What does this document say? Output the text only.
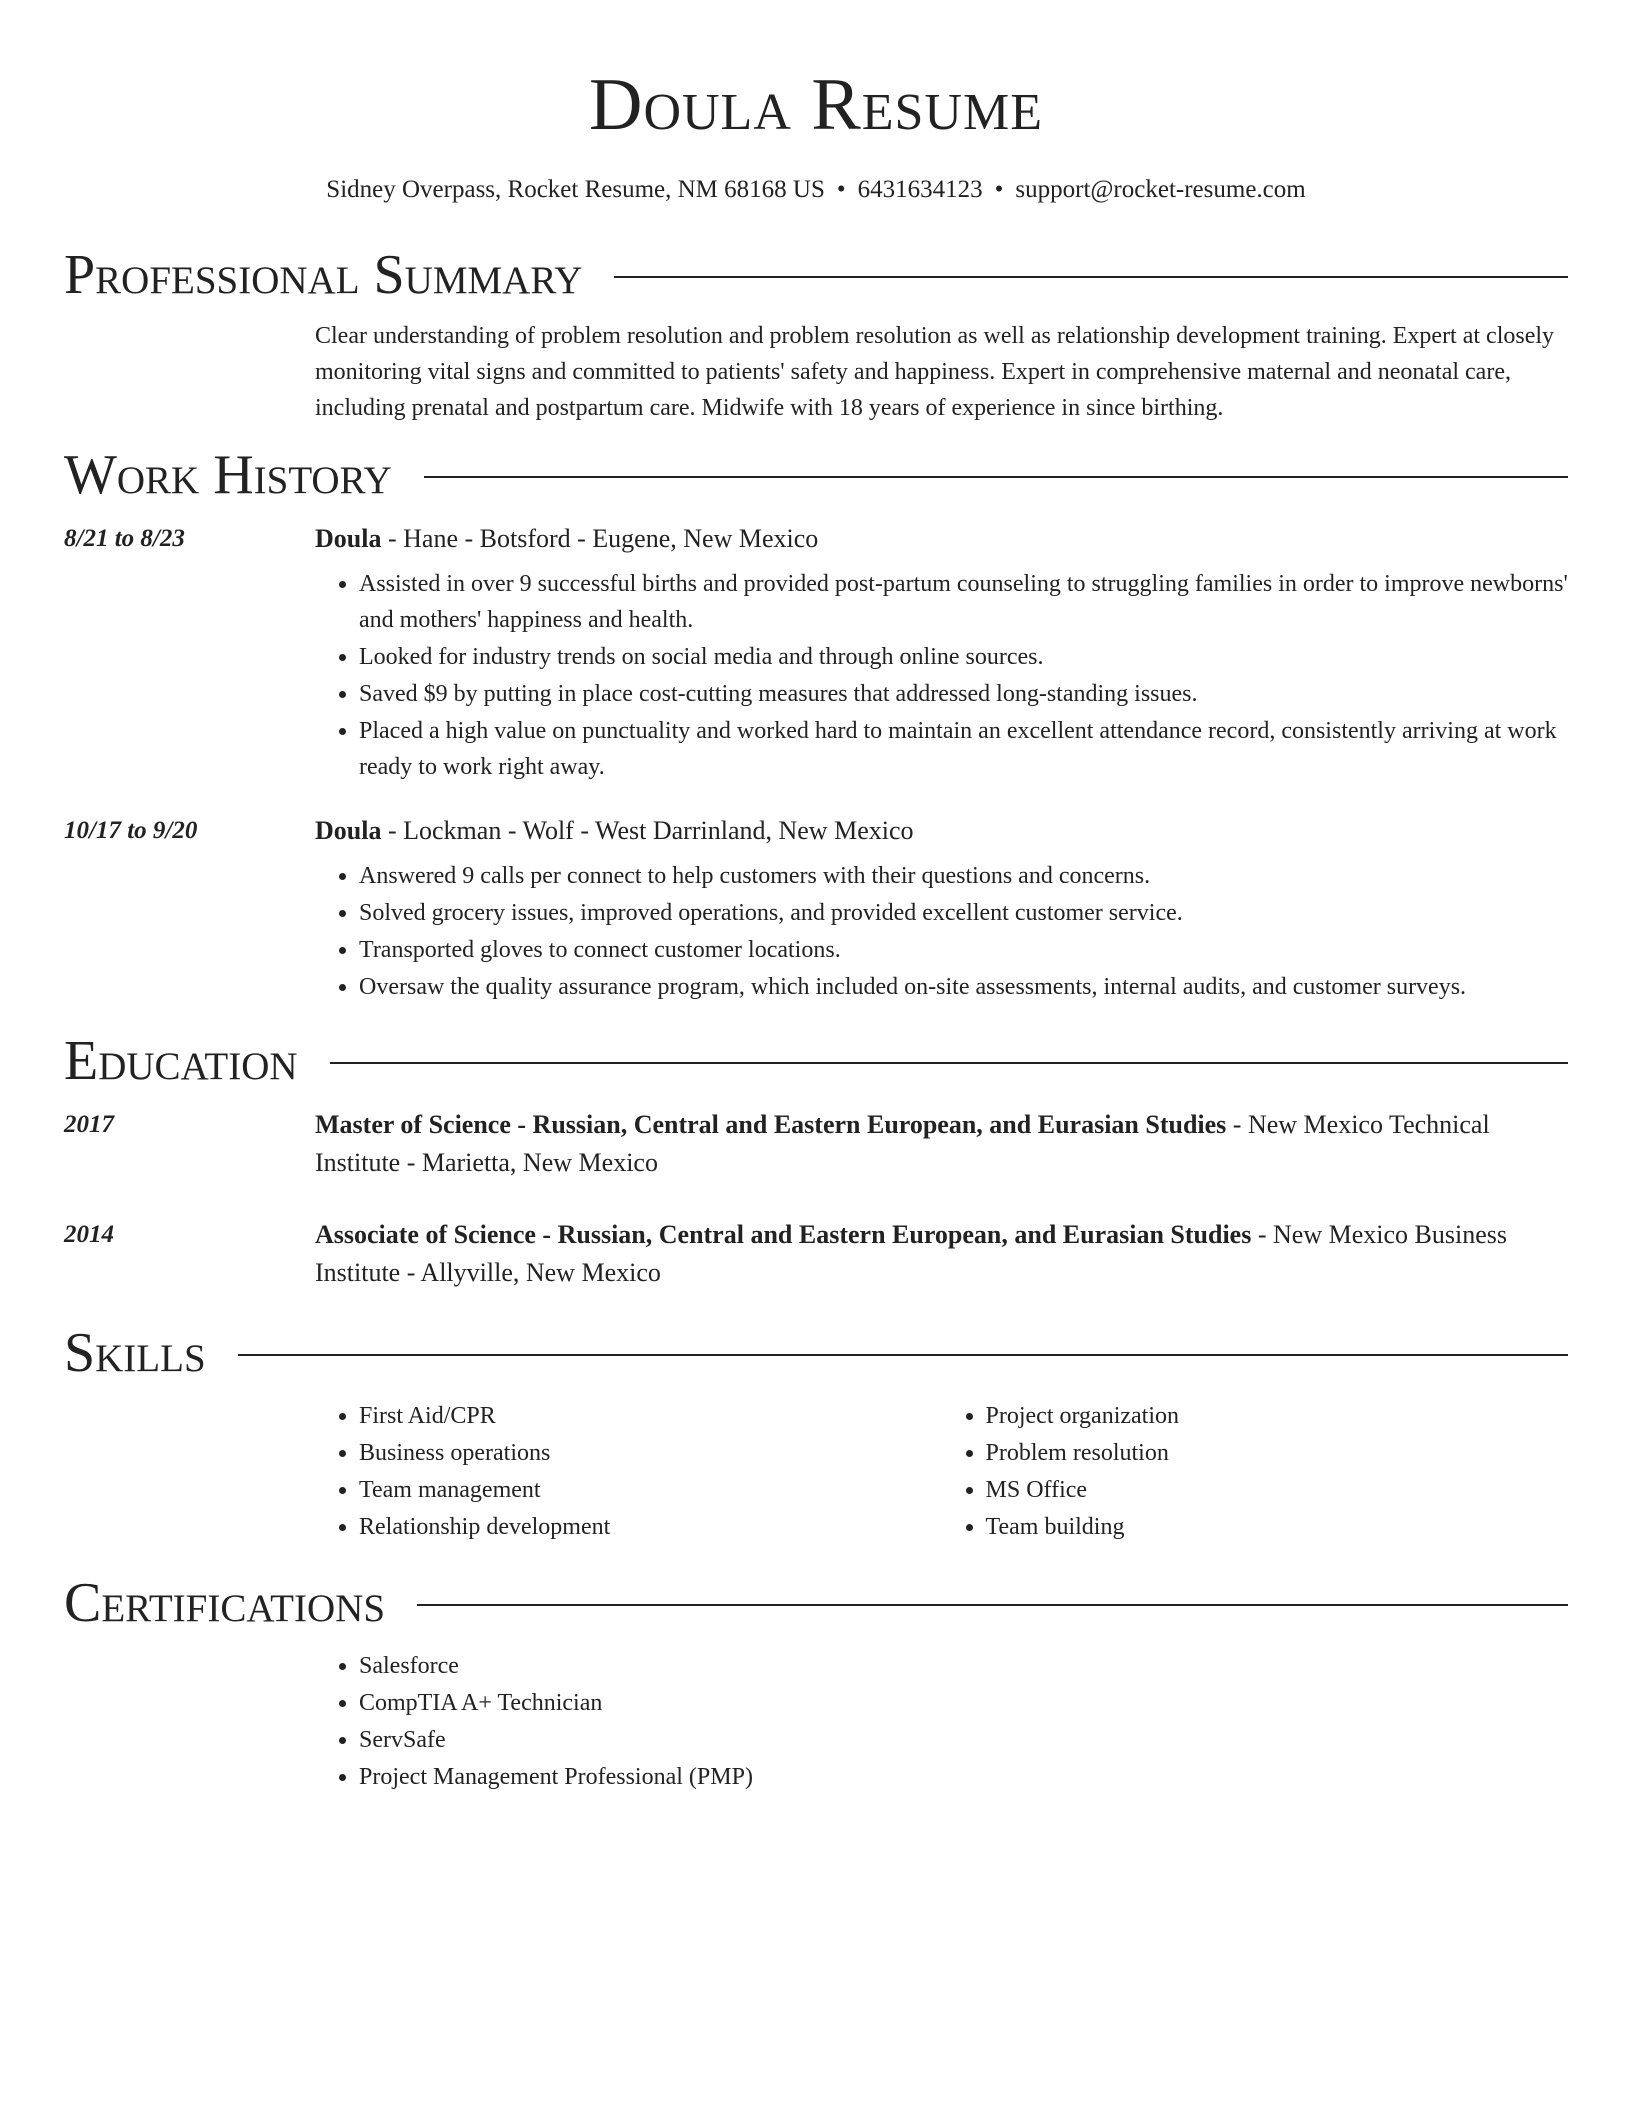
Doula Resume
Sidney Overpass, Rocket Resume, NM 68168 US • 6431634123 • support@rocket-resume.com
Professional Summary

Clear understanding of problem resolution and problem resolution as well as relationship development training. Expert at closely monitoring vital signs and committed to patients' safety and happiness. Expert in comprehensive maternal and neonatal care, including prenatal and postpartum care. Midwife with 18 years of experience in since birthing.

Work History
8/21 to 8/23	Doula - Hane - Botsford - Eugene, New Mexico

• Assisted in over 9 successful births and provided post-partum counseling to struggling families in order to improve newborns' and mothers' happiness and health.
• Looked for industry trends on social media and through online sources.
• Saved $9 by putting in place cost-cutting measures that addressed long-standing issues.
• Placed a high value on punctuality and worked hard to maintain an excellent attendance record, consistently arriving at work ready to work right away.
10/17 to 9/20	Doula - Lockman - Wolf - West Darrinland, New Mexico

• Answered 9 calls per connect to help customers with their questions and concerns.
• Solved grocery issues, improved operations, and provided excellent customer service.
• Transported gloves to connect customer locations.
• Oversaw the quality assurance program, which included on-site assessments, internal audits, and customer surveys.
Education
2017	Master of Science - Russian, Central and Eastern European, and Eurasian Studies - New Mexico Technical Institute - Marietta, New Mexico

2014	Associate of Science - Russian, Central and Eastern European, and Eurasian Studies - New Mexico Business Institute - Allyville, New Mexico

Skills
• First Aid/CPR
• Business operations
• Team management
• Relationship development
• Project organization
• Problem resolution
• MS Office
• Team building
Certifications
• Salesforce
• CompTIA A+ Technician
• ServSafe
• Project Management Professional (PMP)
